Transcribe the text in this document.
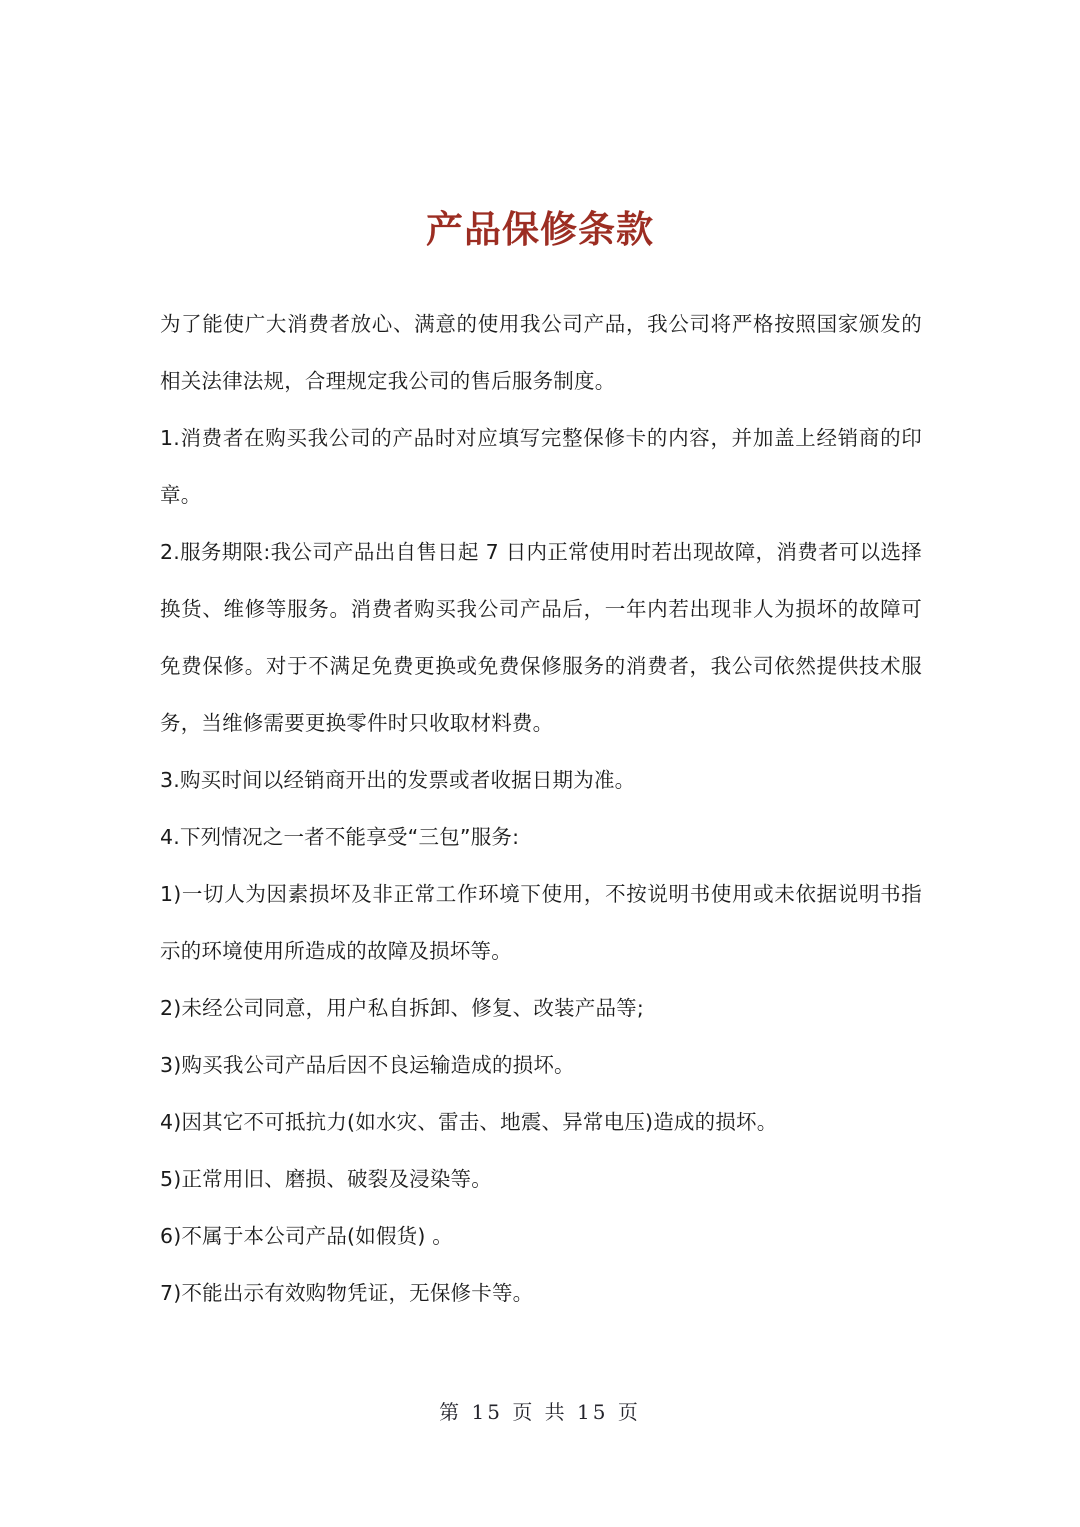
产品保修条款

为了能使广大消费者放心、满意的使用我公司产品，我公司将严格按照国家颁发的相关法律法规，合理规定我公司的售后服务制度。

1.消费者在购买我公司的产品时对应填写完整保修卡的内容，并加盖上经销商的印章。

2.服务期限:我公司产品出自售日起 7 日内正常使用时若出现故障，消费者可以选择换货、维修等服务。消费者购买我公司产品后，一年内若出现非人为损坏的故障可免费保修。对于不满足免费更换或免费保修服务的消费者，我公司依然提供技术服务，当维修需要更换零件时只收取材料费。

3.购买时间以经销商开出的发票或者收据日期为准。

4.下列情况之一者不能享受“三包”服务:

1)一切人为因素损坏及非正常工作环境下使用，不按说明书使用或未依据说明书指示的环境使用所造成的故障及损坏等。

2)未经公司同意，用户私自拆卸、修复、改装产品等;

3)购买我公司产品后因不良运输造成的损坏。

4)因其它不可抵抗力(如水灾、雷击、地震、异常电压)造成的损坏。

5)正常用旧、磨损、破裂及浸染等。

6)不属于本公司产品(如假货) 。

7)不能出示有效购物凭证，无保修卡等。

第 15 页 共 15 页
